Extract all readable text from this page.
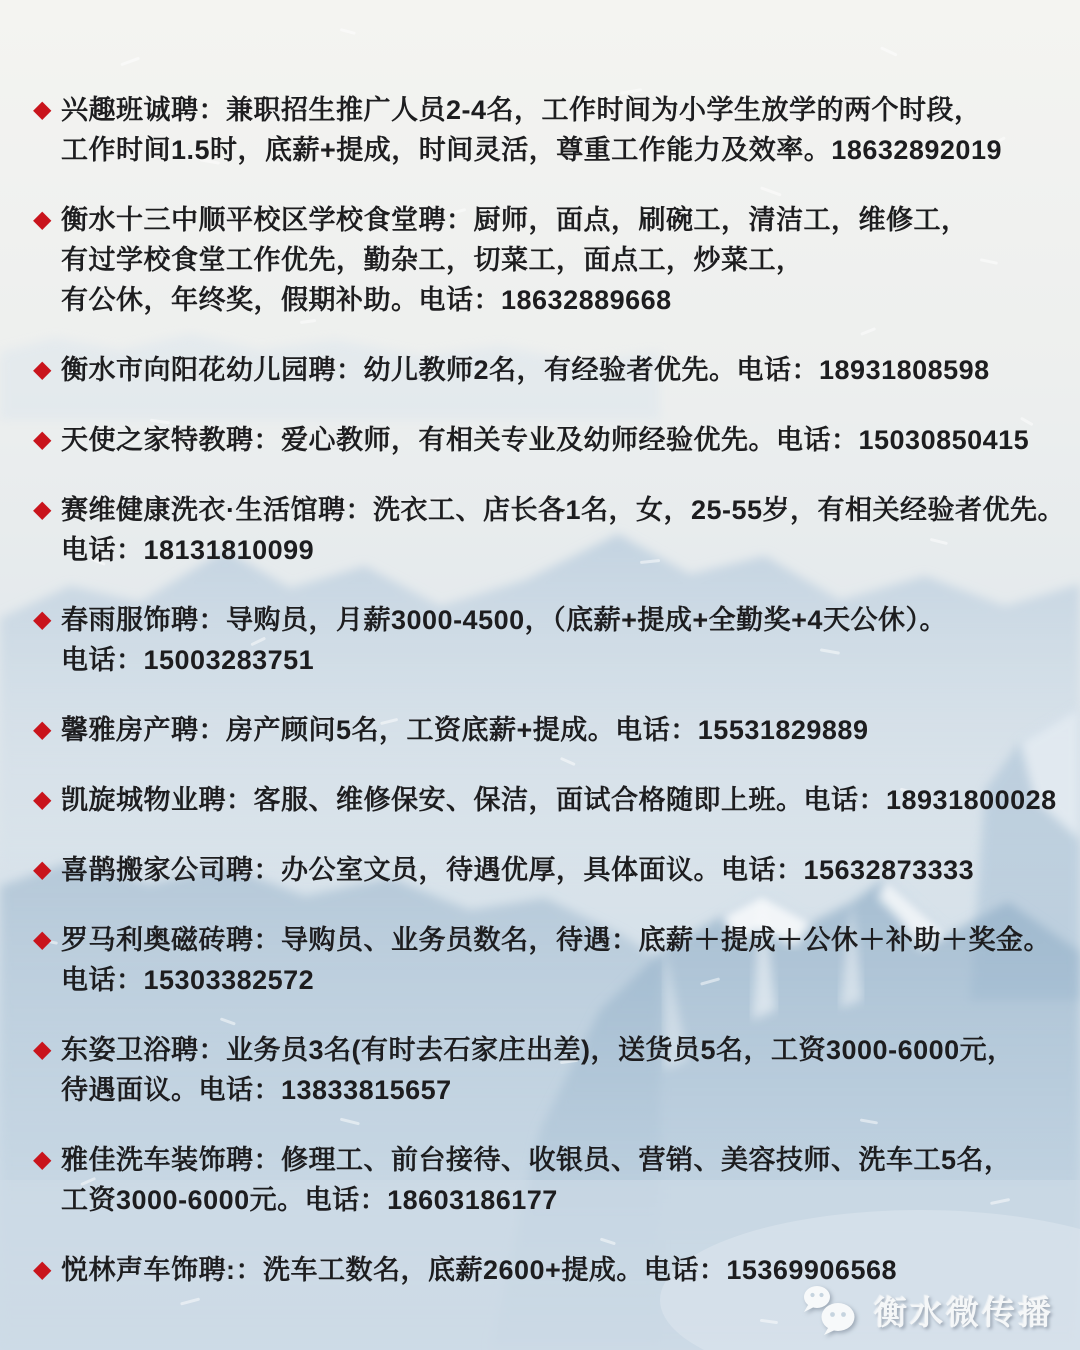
◆ 兴趣班诚聘：兼职招生推广人员2-4名，工作时间为小学生放学的两个时段，
工作时间1.5时，底薪+提成，时间灵活，尊重工作能力及效率。18632892019
◆ 衡水十三中顺平校区学校食堂聘：厨师，面点，刷碗工，清洁工，维修工，
有过学校食堂工作优先，勤杂工，切菜工，面点工，炒菜工，
有公休，年终奖，假期补助。电话：18632889668
◆ 衡水市向阳花幼儿园聘：幼儿教师2名，有经验者优先。电话：18931808598
◆ 天使之家特教聘：爱心教师，有相关专业及幼师经验优先。电话：15030850415
◆ 赛维健康洗衣·生活馆聘：洗衣工、店长各1名，女，25-55岁，有相关经验者优先。
电话：18131810099
◆ 春雨服饰聘：导购员，月薪3000-4500，（底薪+提成+全勤奖+4天公休）。
电话：15003283751
◆ 馨雅房产聘：房产顾问5名，工资底薪+提成。电话：15531829889
◆ 凯旋城物业聘：客服、维修保安、保洁，面试合格随即上班。电话：18931800028
◆ 喜鹊搬家公司聘：办公室文员，待遇优厚，具体面议。电话：15632873333
◆ 罗马利奥磁砖聘：导购员、业务员数名，待遇：底薪＋提成＋公休＋补助＋奖金。
电话：15303382572
◆ 东姿卫浴聘：业务员3名(有时去石家庄出差)，送货员5名，工资3000-6000元，
待遇面议。电话：13833815657
◆ 雅佳洗车装饰聘：修理工、前台接待、收银员、营销、美容技师、洗车工5名，
工资3000-6000元。电话：18603186177
◆ 悦林声车饰聘:：洗车工数名，底薪2600+提成。电话：15369906568
衡水微传播
